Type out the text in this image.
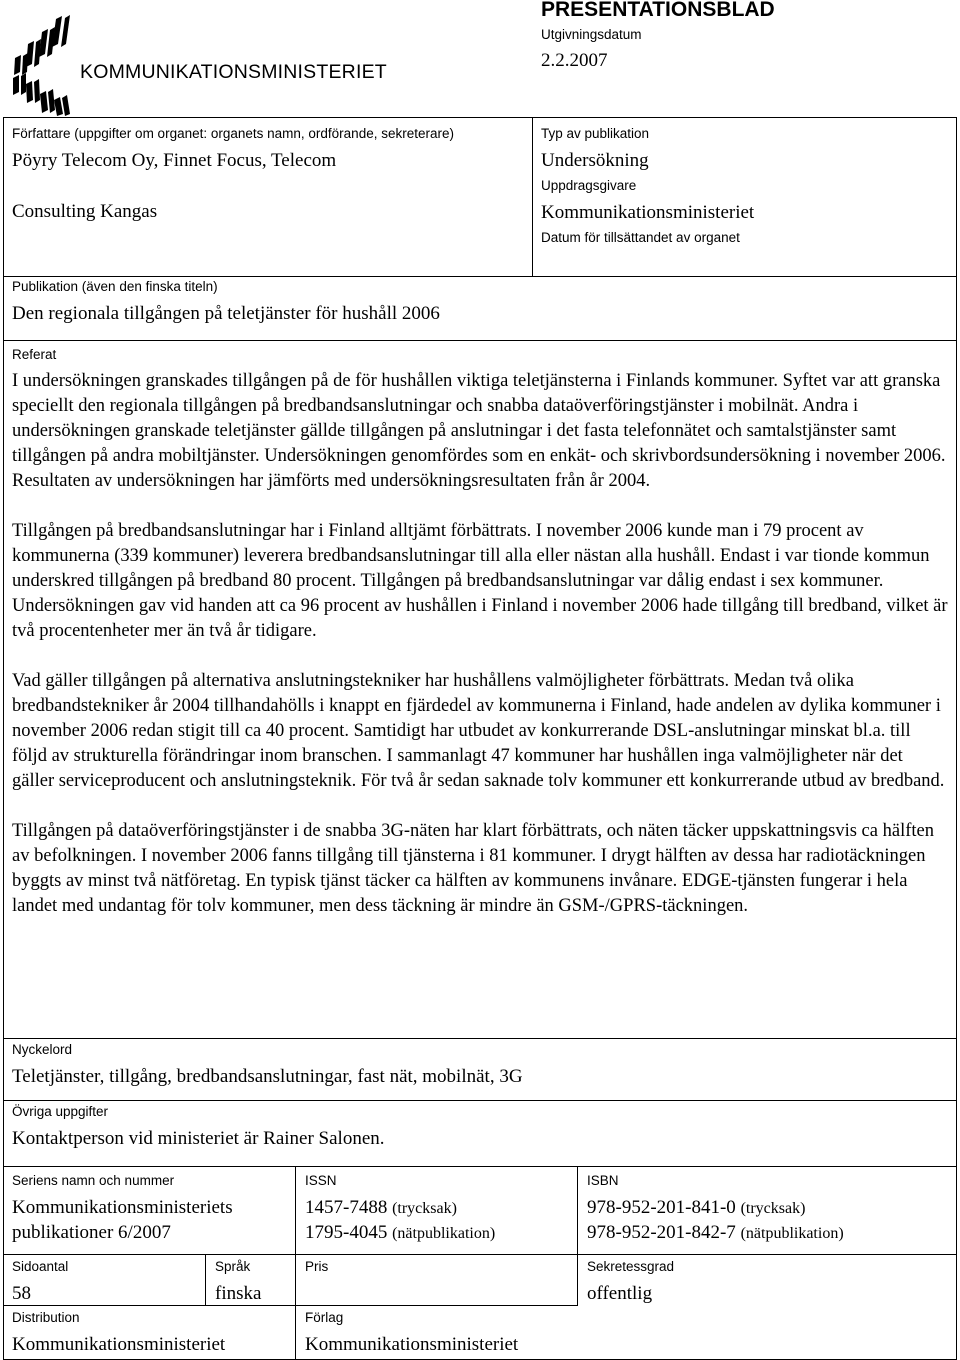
KOMMUNIKATIONSMINISTERIET
PRESENTATIONSBLAD
Utgivningsdatum
2.2.2007
Författare (uppgifter om organet: organets namn, ordförande, sekreterare)
Pöyry Telecom Oy, Finnet Focus, Telecom
Consulting Kangas
Typ av publikation
Undersökning
Uppdragsgivare
Kommunikationsministeriet
Datum för tillsättandet av organet
Publikation (även den finska titeln)
Den regionala tillgången på teletjänster för hushåll 2006
Referat

I undersökningen granskades tillgången på de för hushållen viktiga teletjänsterna i Finlands kommuner. Syftet var att granska speciellt den regionala tillgången på bredbandsanslutningar och snabba dataöverföringstjänster i mobilnät. Andra i undersökningen granskade teletjänster gällde tillgången på anslutningar i det fasta telefonnätet och samtalstjänster samt tillgången på andra mobiltjänster. Undersökningen genomfördes som en enkät- och skrivbordsundersökning i november 2006. Resultaten av undersökningen har jämförts med undersökningsresultaten från år 2004.

Tillgången på bredbandsanslutningar har i Finland alltjämt förbättrats. I november 2006 kunde man i 79 procent av kommunerna (339 kommuner) leverera bredbandsanslutningar till alla eller nästan alla hushåll. Endast i var tionde kommun underskred tillgången på bredband 80 procent. Tillgången på bredbandsanslutningar var dålig endast i sex kommuner. Undersökningen gav vid handen att ca 96 procent av hushållen i Finland i november 2006 hade tillgång till bredband, vilket är två procentenheter mer än två år tidigare.

Vad gäller tillgången på alternativa anslutningstekniker har hushållens valmöjligheter förbättrats. Medan två olika bredbandstekniker år 2004 tillhandahölls i knappt en fjärdedel av kommunerna i Finland, hade andelen av dylika kommuner i november 2006 redan stigit till ca 40 procent. Samtidigt har utbudet av konkurrerande DSL-anslutningar minskat bl.a. till följd av strukturella förändringar inom branschen. I sammanlagt 47 kommuner har hushållen inga valmöjligheter när det gäller serviceproducent och anslutningsteknik. För två år sedan saknade tolv kommuner ett konkurrerande utbud av bredband.

Tillgången på dataöverföringstjänster i de snabba 3G-näten har klart förbättrats, och näten täcker uppskattningsvis ca hälften av befolkningen. I november 2006 fanns tillgång till tjänsterna i 81 kommuner. I drygt hälften av dessa har radiotäckningen byggts av minst två nätföretag. En typisk tjänst täcker ca hälften av kommunens invånare. EDGE-tjänsten fungerar i hela landet med undantag för tolv kommuner, men dess täckning är mindre än GSM-/GPRS-täckningen.

Nyckelord
Teletjänster, tillgång, bredbandsanslutningar, fast nät, mobilnät, 3G
Övriga uppgifter
Kontaktperson vid ministeriet är Rainer Salonen.
Seriens namn och nummer
Kommunikationsministeriets
publikationer 6/2007
ISSN
1457-7488 (trycksak)
1795-4045 (nätpublikation)
ISBN
978-952-201-841-0 (trycksak)
978-952-201-842-7 (nätpublikation)
Sidoantal
58
Språk
finska
Pris	Sekretessgrad
offentlig
Distribution
Kommunikationsministeriet
Förlag
Kommunikationsministeriet
